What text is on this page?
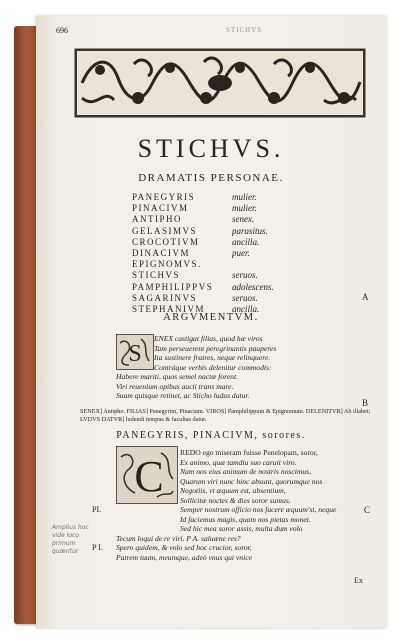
696	STICHVS
STICHVS.
DRAMATIS PERSONAE.
PANEGYRIS	mulier.
PINACIVM	mulier.
ANTIPHO	senex.
GELASIMVS	parasitus.
CROCOTIVM	ancilla.
DINACIVM	puer.
EPIGNOMVS.
STICHVS	seruos.
PAMPHILIPPVS	adolescens.
SAGARINVS	seruos.
STEPHANIVM	ancilla.
A
ARGVMENTVM.
S
ENEX castigat filias, quod hæ viros
Tam perseuerent peregrinantis pauperes
Ita sustinere fratres, neque relinquere.
Contráque verbis delenitur commodis:
Habere mariti, quos semel nactæ forent.
Viri reuenium opibus aucti trans mare.
Suam quisque retinet, ac Sticho ludus datur.
B
SENEX] Antipho. FILIAS] Panegyrim, Pinacium. VIROS] Pamphilippum & Epignomum. DELENITVR] Ab illabet;
LVDVS DATVR] ludendi tempus & facultas datur.
PANEGYRIS, PINACIVM, sorores.
C REDO ego miseram fuisse Penelopam, soror,
Ex animo, quæ tamdiu suo caruit viro.
Nam nos eius animum de nostris noscimus,
Quarum viri nunc hinc absunt, quorumque nos
Negotiis, vt æquum est, absentium,
Sollicitæ noctes & dies soror sumus.
Semper nostrum officio nos facere æquum'st, neque
Id faciemus magis, quam nos pietas monet.
Sed hic mea soror assis, multa dum volo
Tecum loqui de re viri. P A. saluæne res?
Spero quidem, & volo sed hoc crucior, soror,
Patrem tuum, meumque, adeò vnus qui vnice
C
PI.
P I.
Amplius hoc
vide loco
primum
quæritur
Ex
